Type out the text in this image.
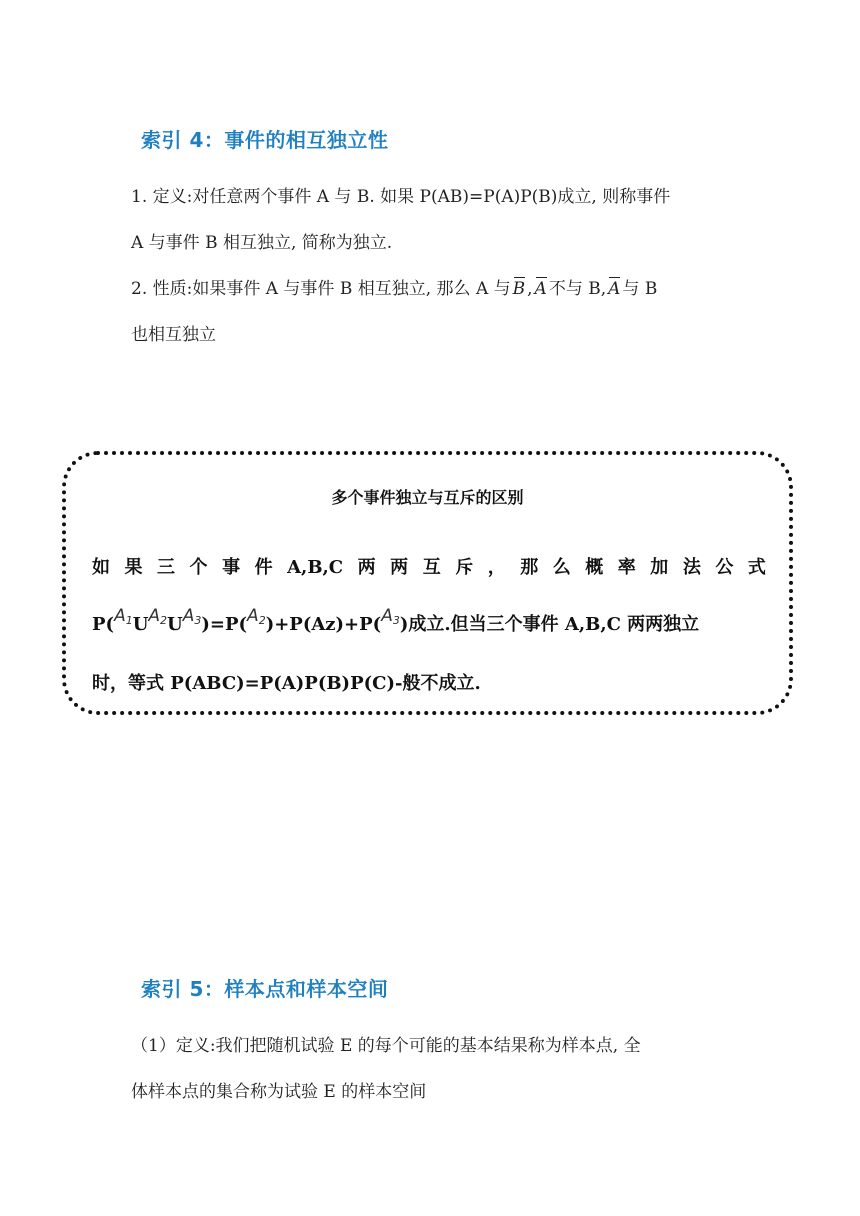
索引 4：事件的相互独立性

1. 定义:对任意两个事件 A 与 B. 如果 P(AB)=P(A)P(B)成立, 则称事件

A 与事件 B 相互独立, 简称为独立.

2. 性质:如果事件 A 与事件 B 相互独立, 那么 A 与 B , A 不与 B, A 与 B

也相互独立

多个事件独立与互斥的区别

如 果 三 个 事 件 A,B,C 两 两 互 斥 ， 那 么 概 率 加 法 公 式

$P(A_1UA_2UA_3)=P(A_2)+P(Az)+P(A_3)$成立.但当三个事件 A,B,C 两两独立

时，等式 P(ABC)=P(A)P(B)P(C)-般不成立.

索引 5：样本点和样本空间

（1）定义:我们把随机试验 E 的每个可能的基本结果称为样本点, 全

体样本点的集合称为试验 E 的样本空间
